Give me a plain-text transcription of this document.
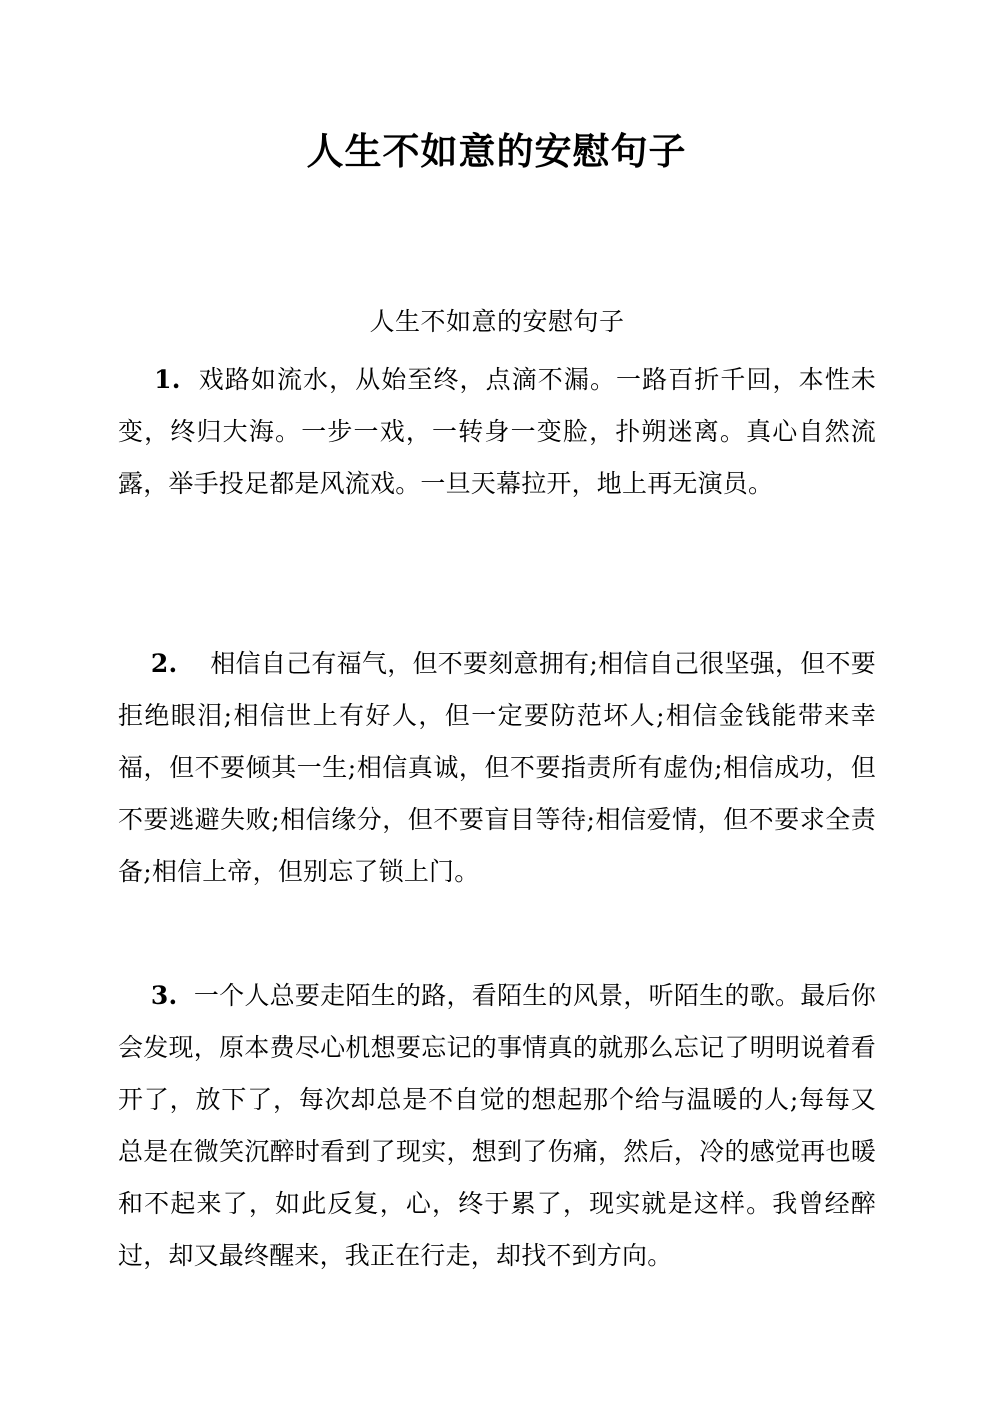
人生不如意的安慰句子

人生不如意的安慰句子

1. 戏路如流水，从始至终，点滴不漏。一路百折千回，本性未变，终归大海。一步一戏，一转身一变脸，扑朔迷离。真心自然流露，举手投足都是风流戏。一旦天幕拉开，地上再无演员。

2. 相信自己有福气，但不要刻意拥有;相信自己很坚强，但不要拒绝眼泪;相信世上有好人，但一定要防范坏人;相信金钱能带来幸福，但不要倾其一生;相信真诚，但不要指责所有虚伪;相信成功，但不要逃避失败;相信缘分，但不要盲目等待;相信爱情，但不要求全责备;相信上帝，但别忘了锁上门。

3. 一个人总要走陌生的路，看陌生的风景，听陌生的歌。最后你会发现，原本费尽心机想要忘记的事情真的就那么忘记了明明说着看开了，放下了，每次却总是不自觉的想起那个给与温暖的人;每每又总是在微笑沉醉时看到了现实，想到了伤痛，然后，冷的感觉再也暖和不起来了，如此反复，心，终于累了，现实就是这样。我曾经醉过，却又最终醒来，我正在行走，却找不到方向。
